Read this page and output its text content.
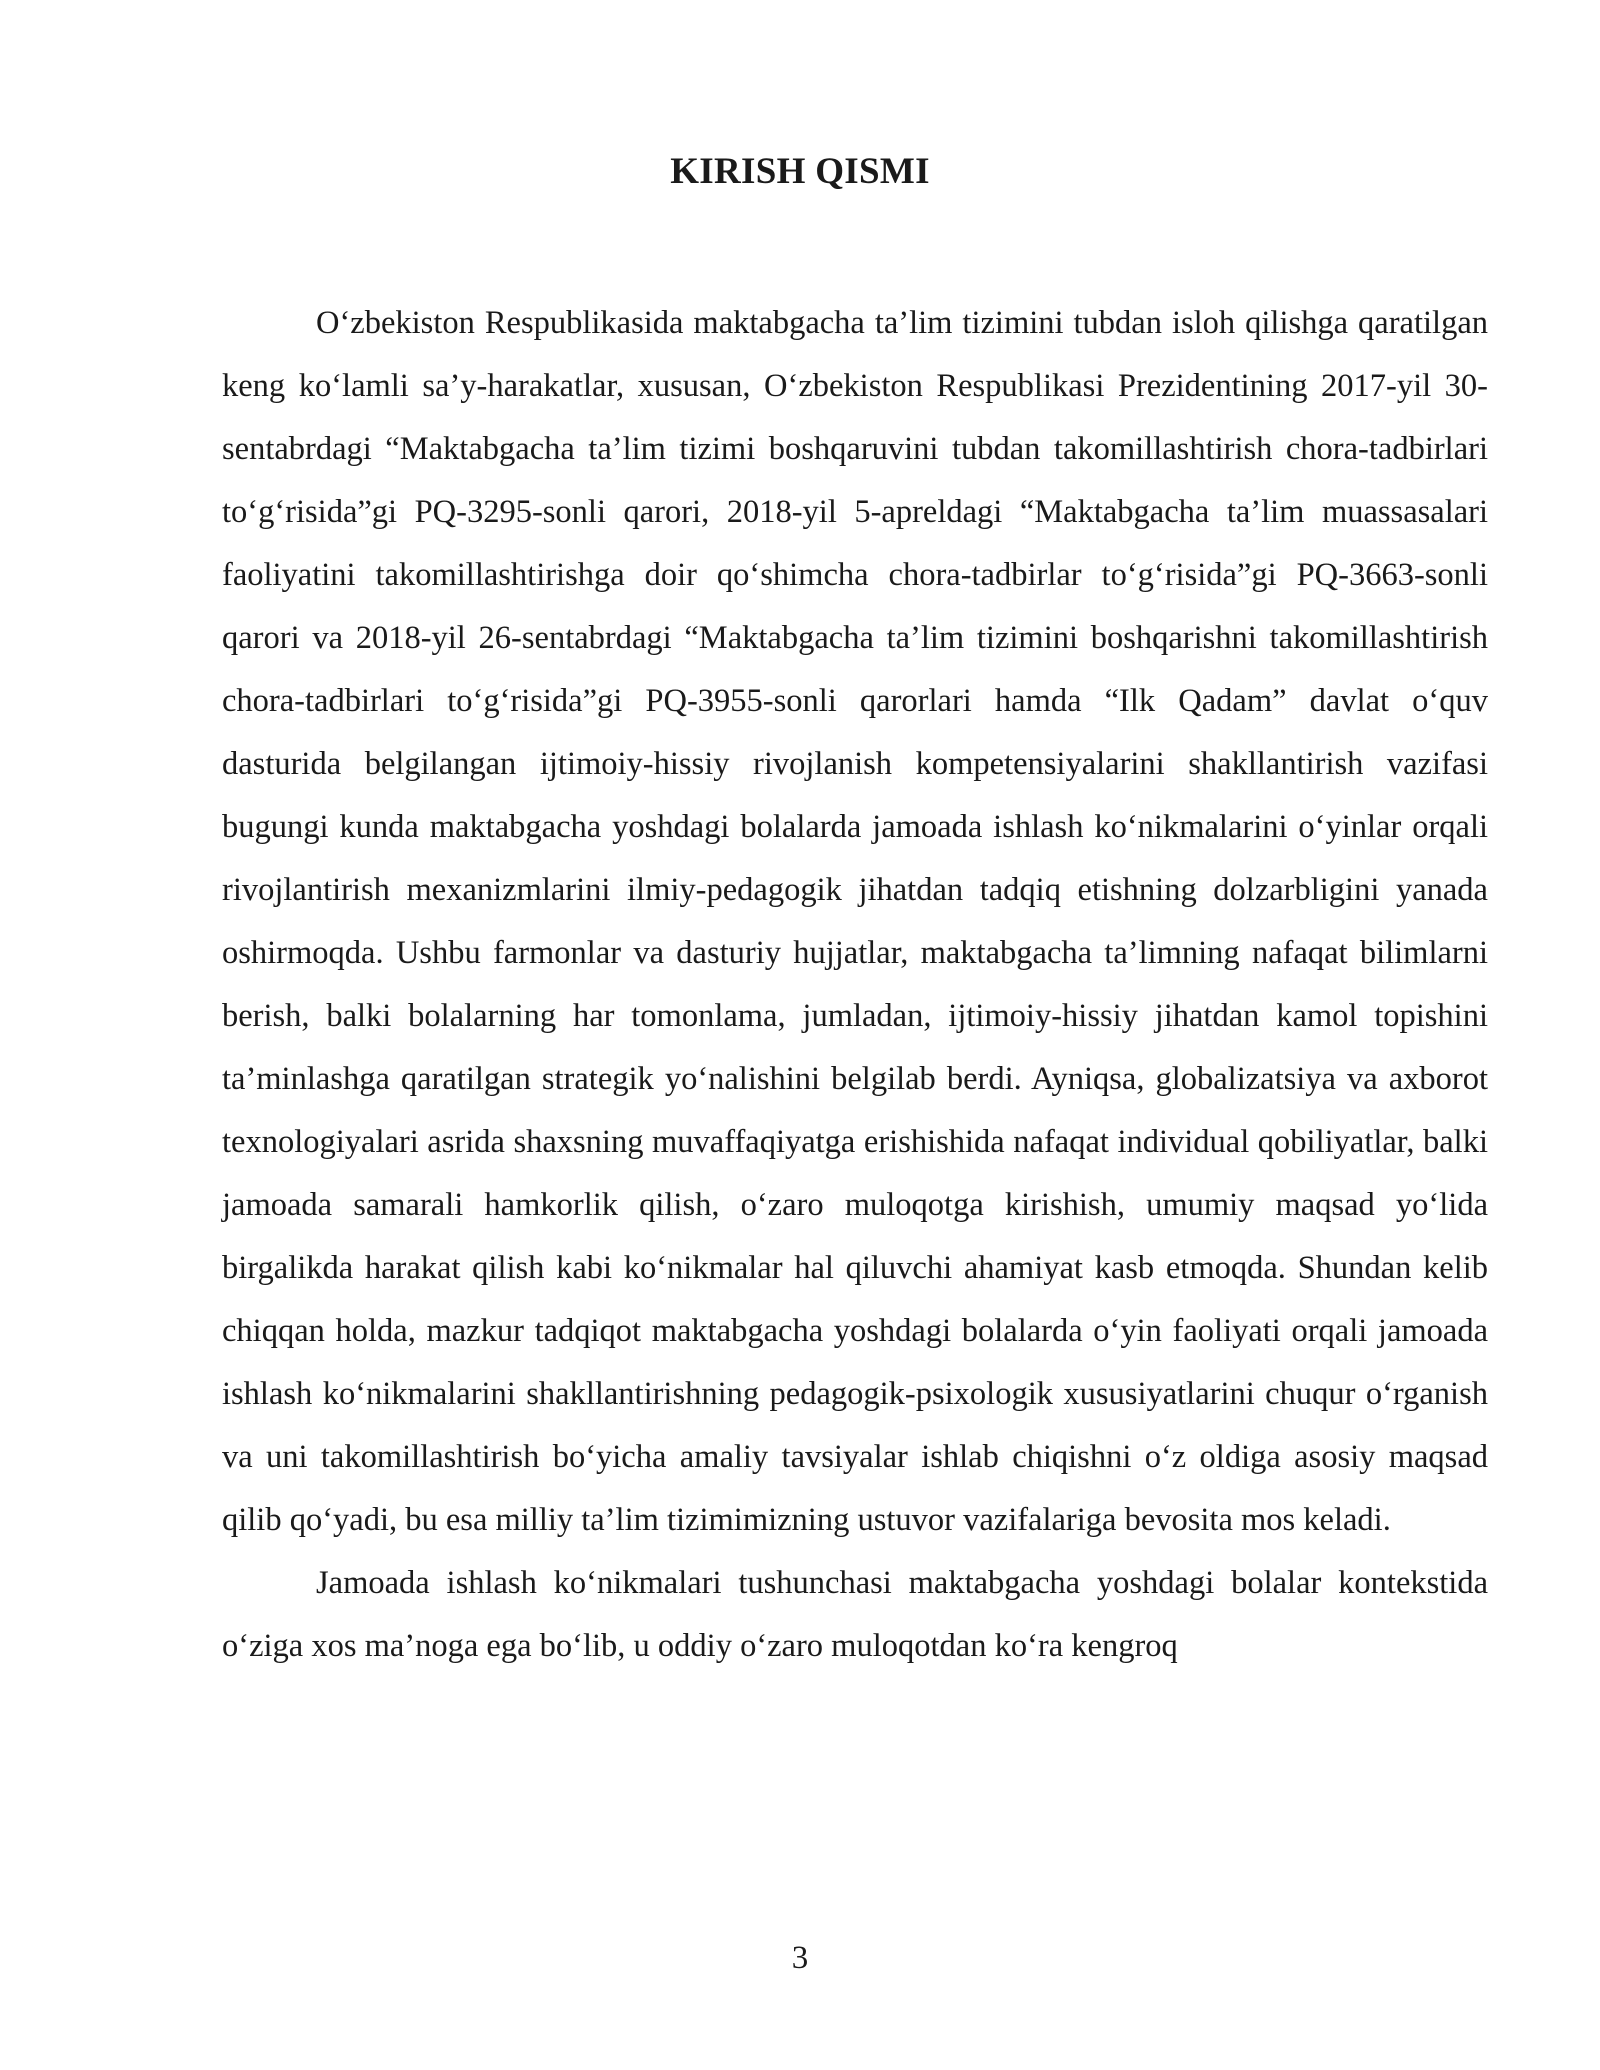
KIRISH QISMI

O‘zbekiston Respublikasida maktabgacha ta’lim tizimini tubdan isloh qilishga qaratilgan keng ko‘lamli sa’y-harakatlar, xususan, O‘zbekiston Respublikasi Prezidentining 2017-yil 30-sentabrdagi “Maktabgacha ta’lim tizimi boshqaruvini tubdan takomillashtirish chora-tadbirlari to‘g‘risida”gi PQ-3295-sonli qarori, 2018-yil 5-apreldagi “Maktabgacha ta’lim muassasalari faoliyatini takomillashtirishga doir qo‘shimcha chora-tadbirlar to‘g‘risida”gi PQ-3663-sonli qarori va 2018-yil 26-sentabrdagi “Maktabgacha ta’lim tizimini boshqarishni takomillashtirish chora-tadbirlari to‘g‘risida”gi PQ-3955-sonli qarorlari hamda “Ilk Qadam” davlat o‘quv dasturida belgilangan ijtimoiy-hissiy rivojlanish kompetensiyalarini shakllantirish vazifasi bugungi kunda maktabgacha yoshdagi bolalarda jamoada ishlash ko‘nikmalarini o‘yinlar orqali rivojlantirish mexanizmlarini ilmiy-pedagogik jihatdan tadqiq etishning dolzarbligini yanada oshirmoqda. Ushbu farmonlar va dasturiy hujjatlar, maktabgacha ta’limning nafaqat bilimlarni berish, balki bolalarning har tomonlama, jumladan, ijtimoiy-hissiy jihatdan kamol topishini ta’minlashga qaratilgan strategik yo‘nalishini belgilab berdi. Ayniqsa, globalizatsiya va axborot texnologiyalari asrida shaxsning muvaffaqiyatga erishishida nafaqat individual qobiliyatlar, balki jamoada samarali hamkorlik qilish, o‘zaro muloqotga kirishish, umumiy maqsad yo‘lida birgalikda harakat qilish kabi ko‘nikmalar hal qiluvchi ahamiyat kasb etmoqda. Shundan kelib chiqqan holda, mazkur tadqiqot maktabgacha yoshdagi bolalarda o‘yin faoliyati orqali jamoada ishlash ko‘nikmalarini shakllantirishning pedagogik-psixologik xususiyatlarini chuqur o‘rganish va uni takomillashtirish bo‘yicha amaliy tavsiyalar ishlab chiqishni o‘z oldiga asosiy maqsad qilib qo‘yadi, bu esa milliy ta’lim tizimimizning ustuvor vazifalariga bevosita mos keladi.

Jamoada ishlash ko‘nikmalari tushunchasi maktabgacha yoshdagi bolalar kontekstida o‘ziga xos ma’noga ega bo‘lib, u oddiy o‘zaro muloqotdan ko‘ra kengroq

3
